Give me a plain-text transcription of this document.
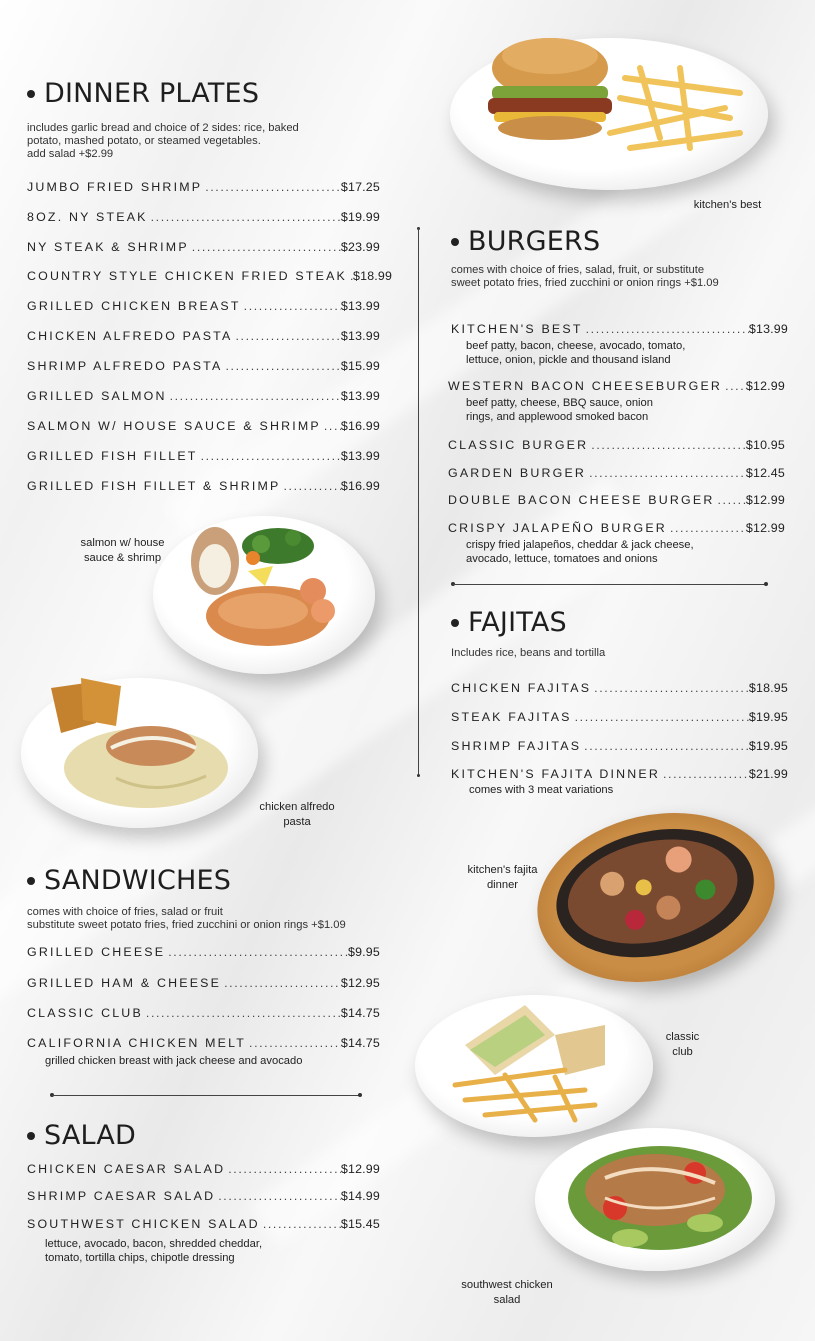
DINNER PLATES
includes garlic bread and choice of 2 sides: rice, baked
potato, mashed potato, or steamed vegetables.
add salad +$2.99
JUMBO FRIED SHRIMP .....	$17.25
8OZ. NY STEAK .....	$19.99
NY STEAK & SHRIMP .....	$23.99
COUNTRY STYLE CHICKEN FRIED STEAK ..... $18.99
GRILLED CHICKEN BREAST .....	$13.99
CHICKEN ALFREDO PASTA .....	$13.99
SHRIMP ALFREDO PASTA .....	$15.99
GRILLED SALMON .....	$13.99
SALMON W/ HOUSE SAUCE & SHRIMP ..... $16.99
GRILLED FISH FILLET .....	$13.99
GRILLED FISH FILLET & SHRIMP .....	$16.99
salmon w/ house
sauce & shrimp
chicken alfredo
pasta
SANDWICHES
comes with choice of fries, salad or fruit
substitute sweet potato fries, fried zucchini or onion rings +$1.09
GRILLED CHEESE .....	$9.95
GRILLED HAM & CHEESE .....	$12.95
CLASSIC CLUB .....	$14.75
CALIFORNIA CHICKEN MELT .....	$14.75
grilled chicken breast with jack cheese and avocado
SALAD
CHICKEN CAESAR SALAD .....	$12.99
SHRIMP CAESAR SALAD .....	$14.99
SOUTHWEST CHICKEN SALAD .....	$15.45
lettuce, avocado, bacon, shredded cheddar,
tomato, tortilla chips, chipotle dressing
kitchen's best
BURGERS
comes with choice of fries, salad, fruit, or substitute
sweet potato fries, fried zucchini or onion rings +$1.09
KITCHEN'S BEST .....	$13.99
beef patty, bacon, cheese, avocado, tomato,
lettuce, onion, pickle and thousand island
WESTERN BACON CHEESEBURGER ..... $12.99
beef patty, cheese, BBQ sauce, onion
rings, and applewood smoked bacon
CLASSIC BURGER .....	$10.95
GARDEN BURGER .....	$12.45
DOUBLE BACON CHEESE BURGER .....	$12.99
CRISPY JALAPEÑO BURGER .....	$12.99
crispy fried jalapeños, cheddar & jack cheese,
avocado, lettuce, tomatoes and onions
FAJITAS
Includes rice, beans and tortilla
CHICKEN FAJITAS .....	$18.95
STEAK FAJITAS .....	$19.95
SHRIMP FAJITAS .....	$19.95
KITCHEN'S FAJITA DINNER .....	$21.99
comes with 3 meat variations
kitchen's fajita
dinner
classic
club
southwest chicken
salad
